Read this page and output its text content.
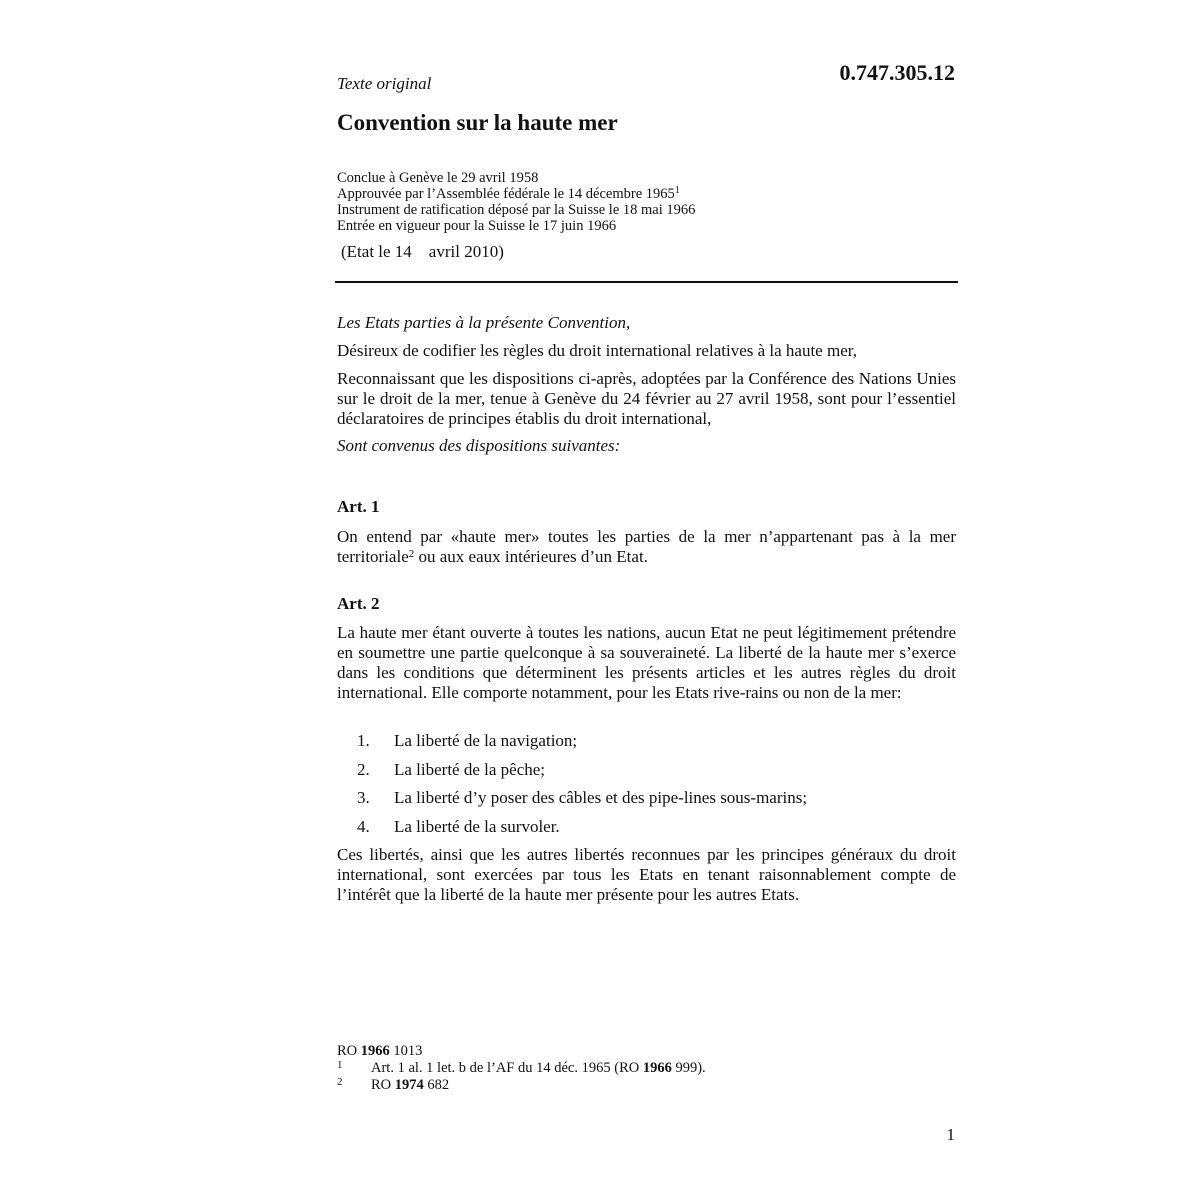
0.747.305.12
Texte original
Convention sur la haute mer
Conclue à Genève le 29 avril 1958
Approuvée par l’Assemblée fédérale le 14 décembre 1965$^1$
Instrument de ratification déposé par la Suisse le 18 mai 1966
Entrée en vigueur pour la Suisse le 17 juin 1966
(Etat le 14    avril 2010)
Les Etats parties à la présente Convention,
Désireux de codifier les règles du droit international relatives à la haute mer,
Reconnaissant que les dispositions ci-après, adoptées par la Conférence des Nations Unies sur le droit de la mer, tenue à Genève du 24 février au 27 avril 1958, sont pour l’essentiel déclaratoires de principes établis du droit international,
Sont convenus des dispositions suivantes:
Art. 1
On entend par «haute mer» toutes les parties de la mer n’appartenant pas à la mer territoriale$^2$ ou aux eaux intérieures d’un Etat.
Art. 2
La haute mer étant ouverte à toutes les nations, aucun Etat ne peut légitimement prétendre en soumettre une partie quelconque à sa souveraineté. La liberté de la haute mer s’exerce dans les conditions que déterminent les présents articles et les autres règles du droit international. Elle comporte notamment, pour les Etats rive-rains ou non de la mer:
1.	La liberté de la navigation;
2.	La liberté de la pêche;
3.	La liberté d’y poser des câbles et des pipe-lines sous-marins;
4.	La liberté de la survoler.
Ces libertés, ainsi que les autres libertés reconnues par les principes généraux du droit international, sont exercées par tous les Etats en tenant raisonnablement compte de l’intérêt que la liberté de la haute mer présente pour les autres Etats.
RO 1966 1013
1 Art. 1 al. 1 let. b de l’AF du 14 déc. 1965 (RO 1966 999).
2 RO 1974 682
1
